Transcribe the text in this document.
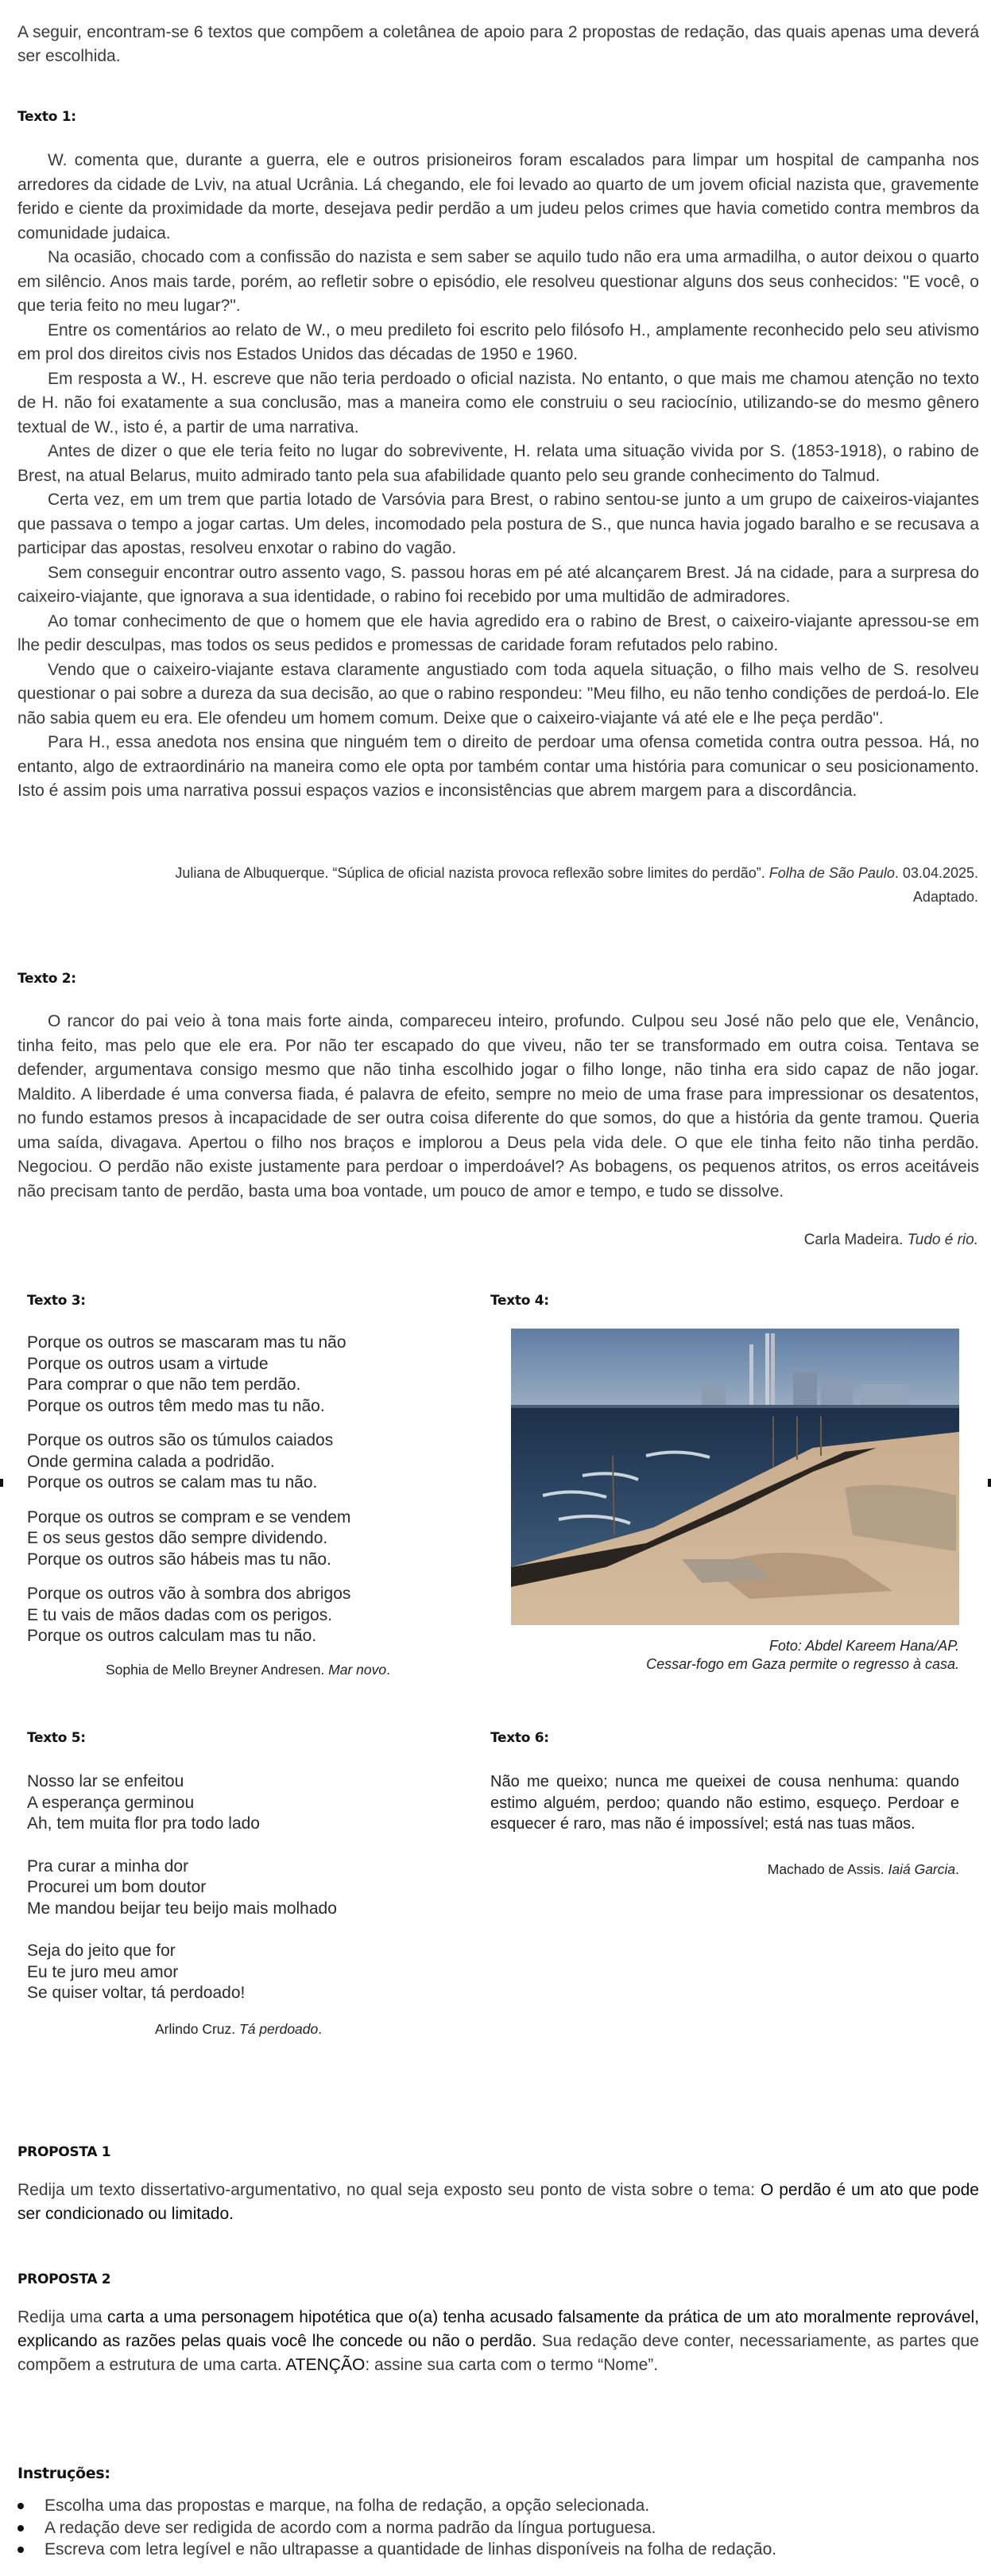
A seguir, encontram-se 6 textos que compõem a coletânea de apoio para 2 propostas de redação, das quais apenas uma deverá ser escolhida.
Texto 1:

W. comenta que, durante a guerra, ele e outros prisioneiros foram escalados para limpar um hospital de campanha nos arredores da cidade de Lviv, na atual Ucrânia. Lá chegando, ele foi levado ao quarto de um jovem oficial nazista que, gravemente ferido e ciente da proximidade da morte, desejava pedir perdão a um judeu pelos crimes que havia cometido contra membros da comunidade judaica.

Na ocasião, chocado com a confissão do nazista e sem saber se aquilo tudo não era uma armadilha, o autor deixou o quarto em silêncio. Anos mais tarde, porém, ao refletir sobre o episódio, ele resolveu questionar alguns dos seus conhecidos: "E você, o que teria feito no meu lugar?".

Entre os comentários ao relato de W., o meu predileto foi escrito pelo filósofo H., amplamente reconhecido pelo seu ativismo em prol dos direitos civis nos Estados Unidos das décadas de 1950 e 1960.

Em resposta a W., H. escreve que não teria perdoado o oficial nazista. No entanto, o que mais me chamou atenção no texto de H. não foi exatamente a sua conclusão, mas a maneira como ele construiu o seu raciocínio, utilizando-se do mesmo gênero textual de W., isto é, a partir de uma narrativa.

Antes de dizer o que ele teria feito no lugar do sobrevivente, H. relata uma situação vivida por S. (1853-1918), o rabino de Brest, na atual Belarus, muito admirado tanto pela sua afabilidade quanto pelo seu grande conhecimento do Talmud.

Certa vez, em um trem que partia lotado de Varsóvia para Brest, o rabino sentou-se junto a um grupo de caixeiros-viajantes que passava o tempo a jogar cartas. Um deles, incomodado pela postura de S., que nunca havia jogado baralho e se recusava a participar das apostas, resolveu enxotar o rabino do vagão.

Sem conseguir encontrar outro assento vago, S. passou horas em pé até alcançarem Brest. Já na cidade, para a surpresa do caixeiro-viajante, que ignorava a sua identidade, o rabino foi recebido por uma multidão de admiradores.

Ao tomar conhecimento de que o homem que ele havia agredido era o rabino de Brest, o caixeiro-viajante apressou-se em lhe pedir desculpas, mas todos os seus pedidos e promessas de caridade foram refutados pelo rabino.

Vendo que o caixeiro-viajante estava claramente angustiado com toda aquela situação, o filho mais velho de S. resolveu questionar o pai sobre a dureza da sua decisão, ao que o rabino respondeu: "Meu filho, eu não tenho condições de perdoá-lo. Ele não sabia quem eu era. Ele ofendeu um homem comum. Deixe que o caixeiro-viajante vá até ele e lhe peça perdão".

Para H., essa anedota nos ensina que ninguém tem o direito de perdoar uma ofensa cometida contra outra pessoa. Há, no entanto, algo de extraordinário na maneira como ele opta por também contar uma história para comunicar o seu posicionamento. Isto é assim pois uma narrativa possui espaços vazios e inconsistências que abrem margem para a discordância.

Juliana de Albuquerque. “Súplica de oficial nazista provoca reflexão sobre limites do perdão”. Folha de São Paulo. 03.04.2025.
Adaptado.
Texto 2:

O rancor do pai veio à tona mais forte ainda, compareceu inteiro, profundo. Culpou seu José não pelo que ele, Venâncio, tinha feito, mas pelo que ele era. Por não ter escapado do que viveu, não ter se transformado em outra coisa. Tentava se defender, argumentava consigo mesmo que não tinha escolhido jogar o filho longe, não tinha era sido capaz de não jogar. Maldito. A liberdade é uma conversa fiada, é palavra de efeito, sempre no meio de uma frase para impressionar os desatentos, no fundo estamos presos à incapacidade de ser outra coisa diferente do que somos, do que a história da gente tramou. Queria uma saída, divagava. Apertou o filho nos braços e implorou a Deus pela vida dele. O que ele tinha feito não tinha perdão. Negociou. O perdão não existe justamente para perdoar o imperdoável? As bobagens, os pequenos atritos, os erros aceitáveis não precisam tanto de perdão, basta uma boa vontade, um pouco de amor e tempo, e tudo se dissolve.

Carla Madeira. Tudo é rio.
Texto 3:
Porque os outros se mascaram mas tu não
Porque os outros usam a virtude
Para comprar o que não tem perdão.
Porque os outros têm medo mas tu não.
Porque os outros são os túmulos caiados
Onde germina calada a podridão.
Porque os outros se calam mas tu não.
Porque os outros se compram e se vendem
E os seus gestos dão sempre dividendo.
Porque os outros são hábeis mas tu não.
Porque os outros vão à sombra dos abrigos
E tu vais de mãos dadas com os perigos.
Porque os outros calculam mas tu não.
Sophia de Mello Breyner Andresen. Mar novo.
Texto 4:
Foto: Abdel Kareem Hana/AP.
Cessar-fogo em Gaza permite o regresso à casa.
Texto 5:
Nosso lar se enfeitou
A esperança germinou
Ah, tem muita flor pra todo lado
Pra curar a minha dor
Procurei um bom doutor
Me mandou beijar teu beijo mais molhado
Seja do jeito que for
Eu te juro meu amor
Se quiser voltar, tá perdoado!
Arlindo Cruz. Tá perdoado.
Texto 6:
Não me queixo; nunca me queixei de cousa nenhuma: quando estimo alguém, perdoo; quando não estimo, esqueço. Perdoar e esquecer é raro, mas não é impossível; está nas tuas mãos.
Machado de Assis. Iaiá Garcia.
PROPOSTA 1
Redija um texto dissertativo-argumentativo, no qual seja exposto seu ponto de vista sobre o tema: O perdão é um ato que pode ser condicionado ou limitado.
PROPOSTA 2
Redija uma carta a uma personagem hipotética que o(a) tenha acusado falsamente da prática de um ato moralmente reprovável, explicando as razões pelas quais você lhe concede ou não o perdão. Sua redação deve conter, necessariamente, as partes que compõem a estrutura de uma carta. ATENÇÃO: assine sua carta com o termo “Nome”.
Instruções:
Escolha uma das propostas e marque, na folha de redação, a opção selecionada.
A redação deve ser redigida de acordo com a norma padrão da língua portuguesa.
Escreva com letra legível e não ultrapasse a quantidade de linhas disponíveis na folha de redação.
